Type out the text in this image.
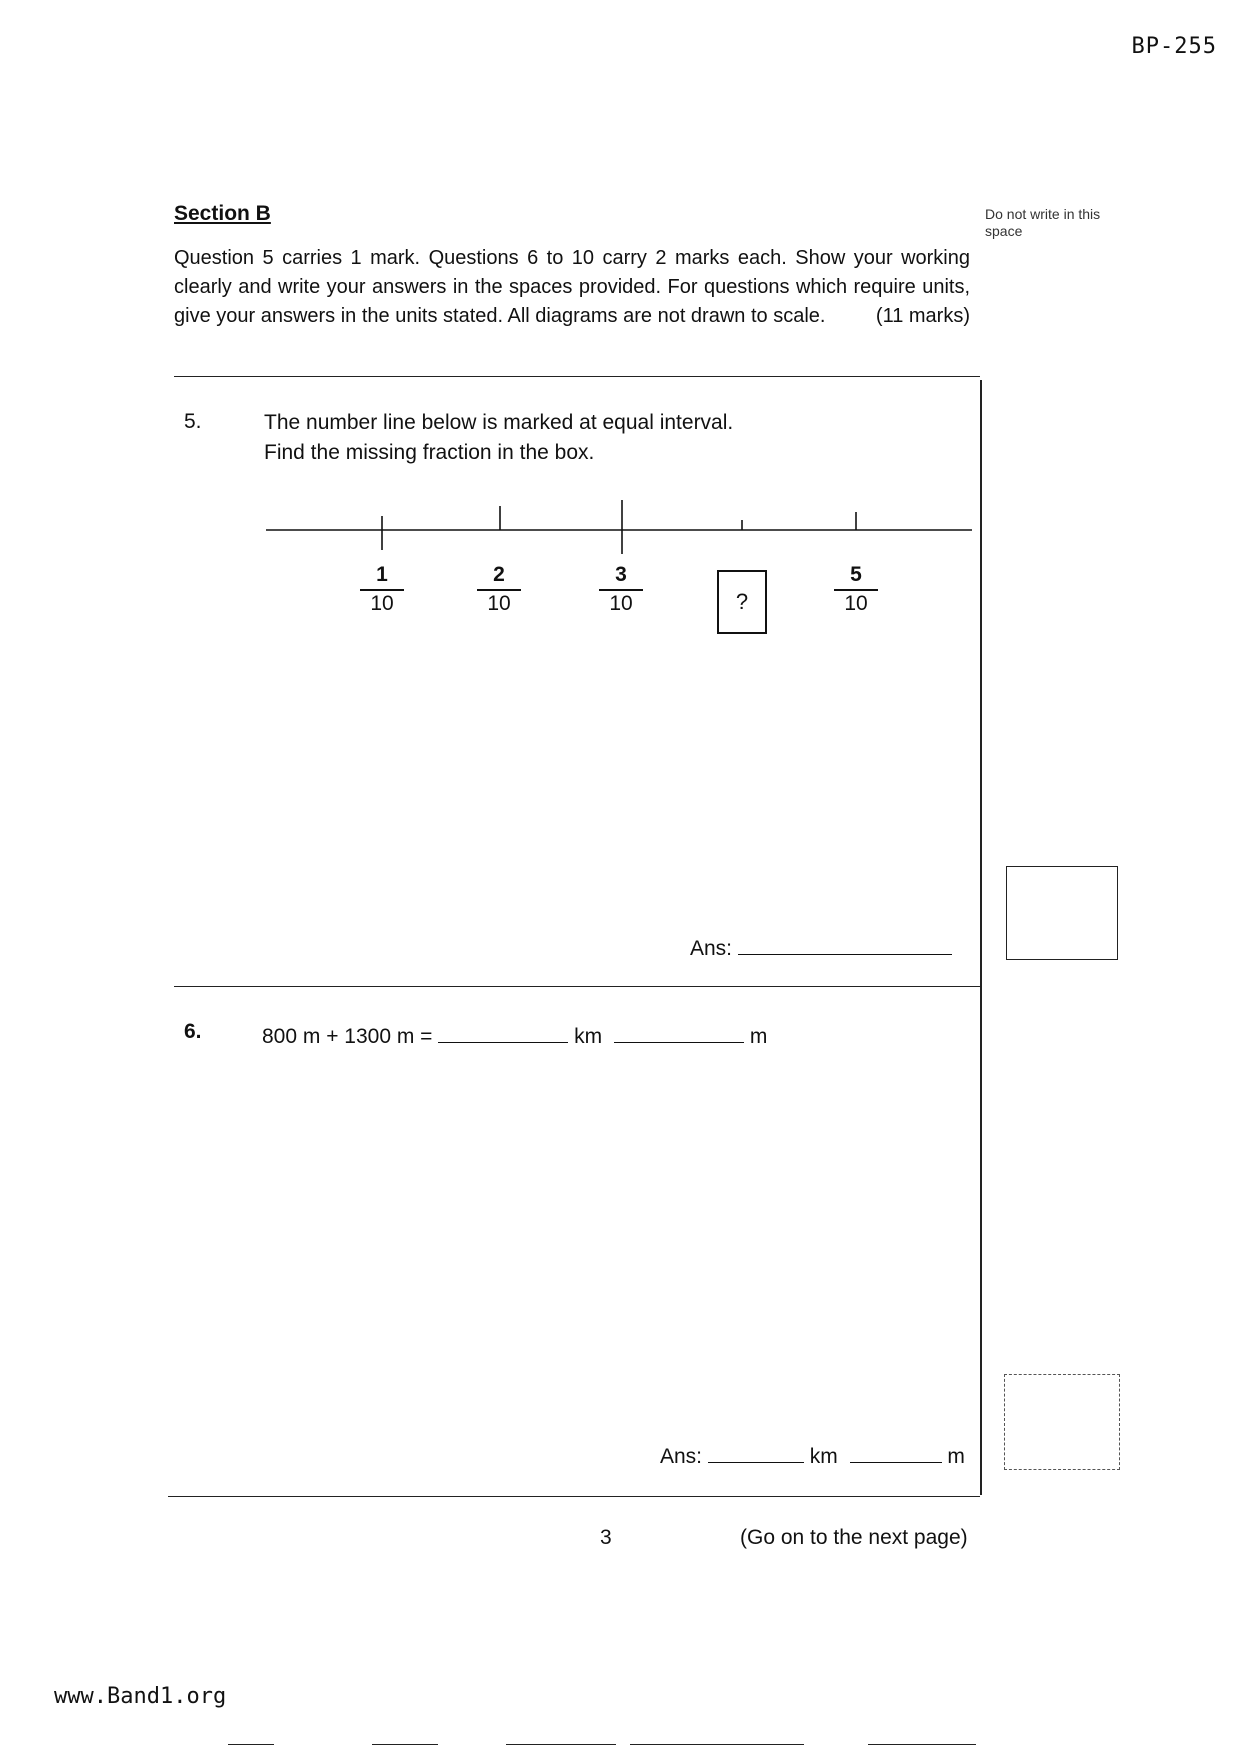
BP-255
Section B	Do not write in this space
Question 5 carries 1 mark. Questions 6 to 10 carry 2 marks each. Show your working clearly and write your answers in the spaces provided. For questions which require units, give your answers in the units stated. All diagrams are not drawn to scale.	(11 marks)
5.	The number line below is marked at equal interval.
Find the missing fraction in the box.
$\frac{1}{10}$	$\frac{2}{10}$	$\frac{3}{10}$	?	$\frac{5}{10}$
Ans:
6.	800 m + 1300 m =	km	m
Ans:	km	m
3	(Go on to the next page)
www.Band1.org
